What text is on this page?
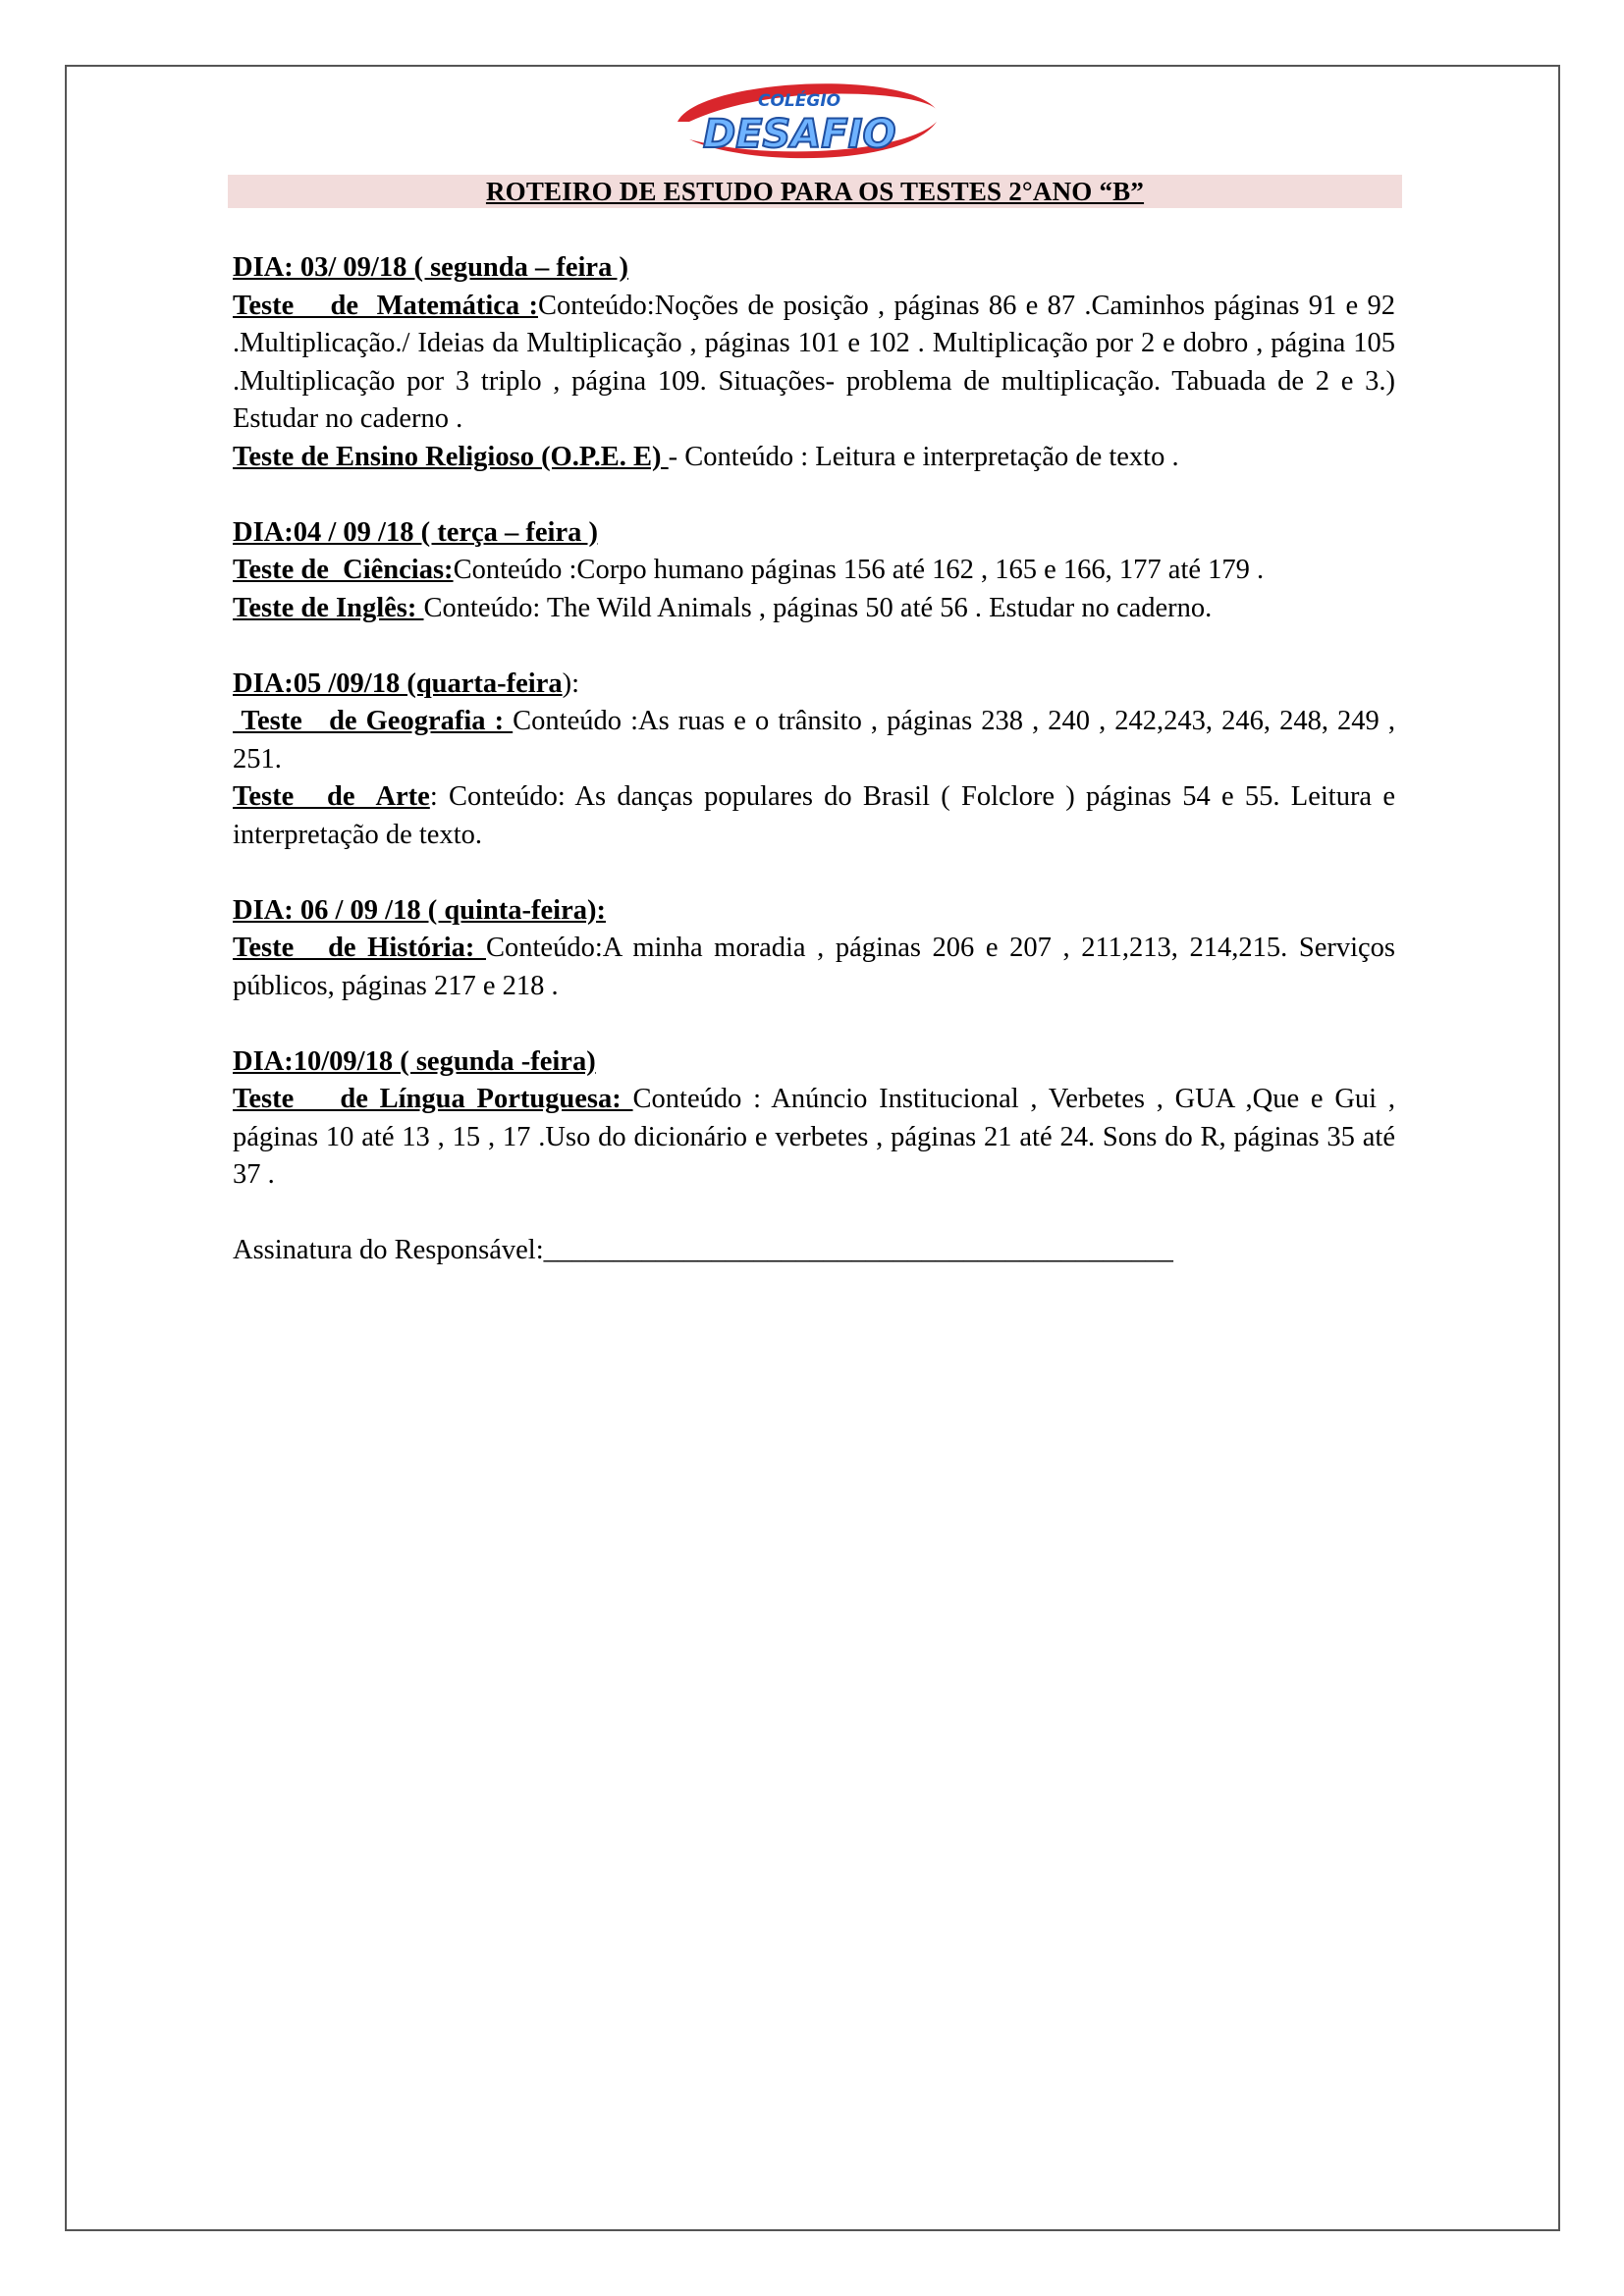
COLÉGIO
DESAFIO
ROTEIRO DE ESTUDO PARA OS TESTES 2°ANO “B”
DIA: 03/ 09/18 ( segunda – feira )

Teste    de  Matemática :Conteúdo:Noções de posição , páginas 86 e 87 .Caminhos páginas 91 e 92 .Multiplicação./ Ideias da Multiplicação , páginas 101 e 102 . Multiplicação por 2 e dobro , página 105 .Multiplicação por 3 triplo , página 109. Situações- problema de multiplicação. Tabuada de 2 e 3.) Estudar no caderno .

Teste de Ensino Religioso (O.P.E. E) - Conteúdo : Leitura e interpretação de texto .

DIA:04 / 09 /18 ( terça – feira )

Teste de  Ciências:Conteúdo :Corpo humano páginas 156 até 162 , 165 e 166, 177 até 179 .

Teste de Inglês: Conteúdo: The Wild Animals , páginas 50 até 56 . Estudar no caderno.

DIA:05 /09/18 (quarta-feira):

Teste   de Geografia : Conteúdo :As ruas e o trânsito , páginas 238 , 240 , 242,243, 246, 248, 249 , 251.

Teste   de  Arte: Conteúdo: As danças populares do Brasil ( Folclore ) páginas 54 e 55. Leitura e interpretação de texto.

DIA: 06 / 09 /18 ( quinta-feira):

Teste   de História: Conteúdo:A minha moradia , páginas 206 e 207 , 211,213, 214,215. Serviços públicos, páginas 217 e 218 .

DIA:10/09/18 ( segunda -feira)

Teste    de Língua Portuguesa: Conteúdo : Anúncio Institucional , Verbetes , GUA ,Que e Gui , páginas 10 até 13 , 15 , 17 .Uso do dicionário e verbetes , páginas 21 até 24. Sons do R, páginas 35 até 37 .

Assinatura do Responsável:_____________________________________________
